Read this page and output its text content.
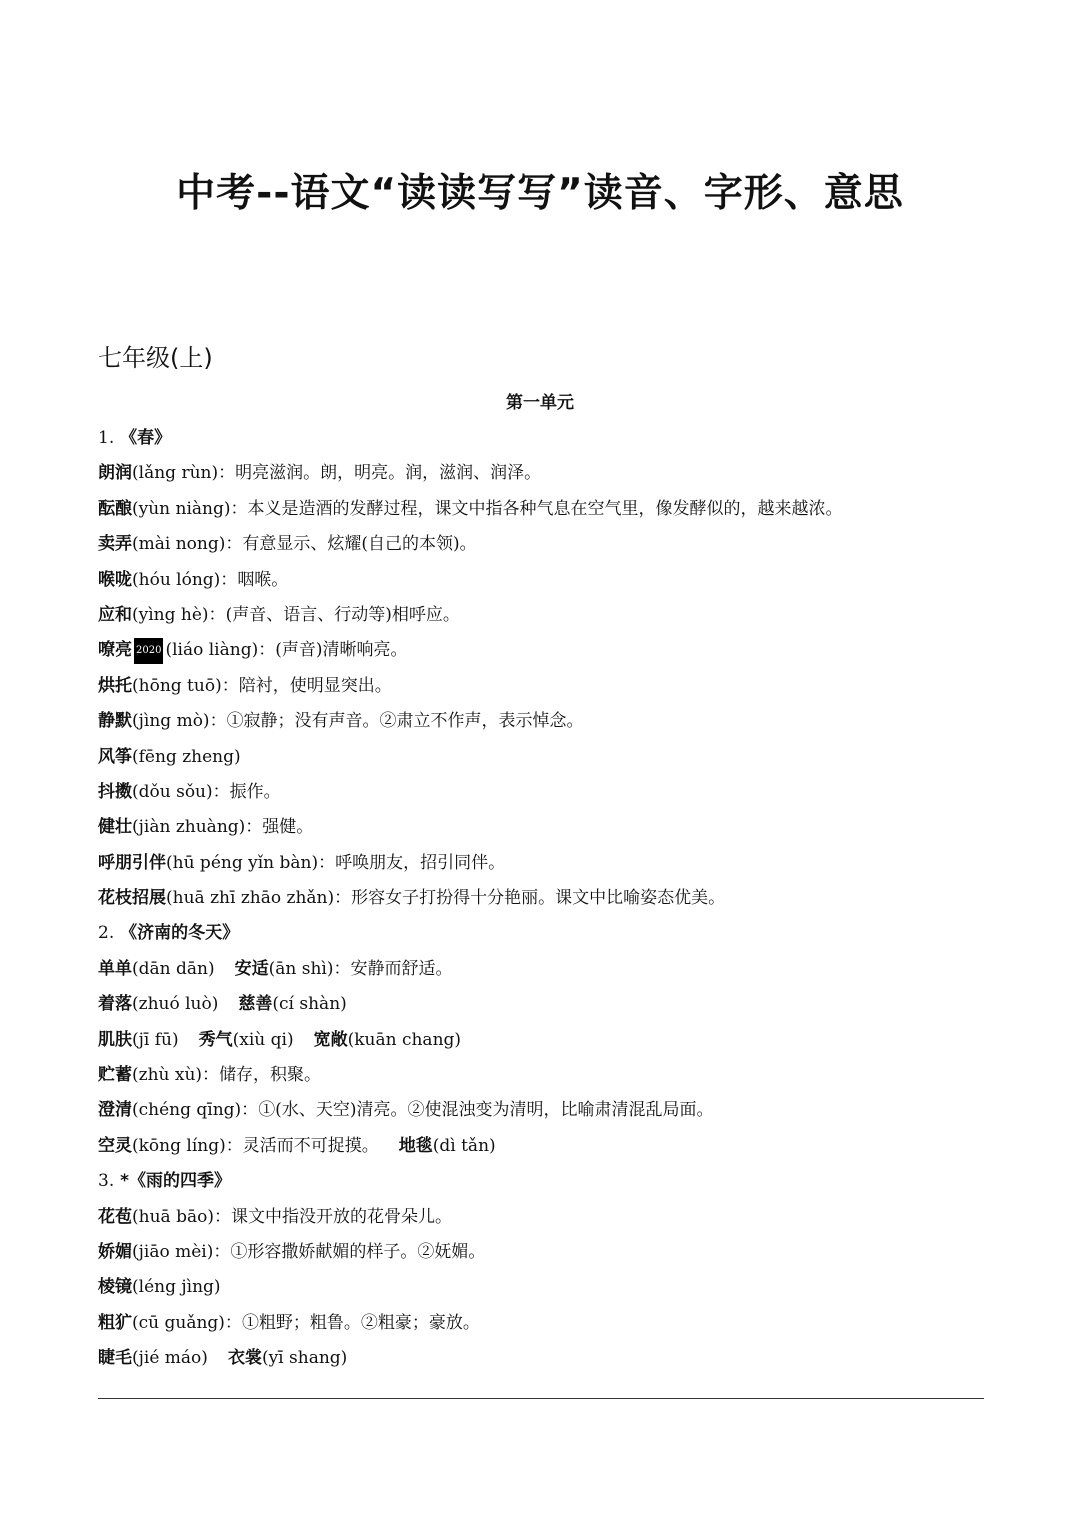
中考--语文“读读写写”读音、字形、意思
七年级(上)
第一单元
1. 《春》
朗润(lǎng rùn)：明亮滋润。朗，明亮。润，滋润、润泽。
酝酿(yùn niàng)：本义是造酒的发酵过程，课文中指各种气息在空气里，像发酵似的，越来越浓。
卖弄(mài nong)：有意显示、炫耀(自己的本领)。
喉咙(hóu lóng)：咽喉。
应和(yìng hè)：(声音、语言、行动等)相呼应。
嘹亮 2020 (liáo liàng)：(声音)清晰响亮。
烘托(hōng tuō)：陪衬，使明显突出。
静默(jìng mò)：①寂静；没有声音。②肃立不作声，表示悼念。
风筝(fēng zheng)
抖擞(dǒu sǒu)：振作。
健壮(jiàn zhuàng)：强健。
呼朋引伴(hū péng yǐn bàn)：呼唤朋友，招引同伴。
花枝招展(huā zhī zhāo zhǎn)：形容女子打扮得十分艳丽。课文中比喻姿态优美。
2. 《济南的冬天》
单单(dān dān) 安适(ān shì)：安静而舒适。
着落(zhuó luò) 慈善(cí shàn)
肌肤(jī fū) 秀气(xiù qi) 宽敞(kuān chang)
贮蓄(zhù xù)：储存，积聚。
澄清(chéng qīng)：①(水、天空)清亮。②使混浊变为清明，比喻肃清混乱局面。
空灵(kōng líng)：灵活而不可捉摸。 地毯(dì tǎn)
3. *《雨的四季》
花苞(huā bāo)：课文中指没开放的花骨朵儿。
娇媚(jiāo mèi)：①形容撒娇献媚的样子。②妩媚。
棱镜(léng jìng)
粗犷(cū guǎng)：①粗野；粗鲁。②粗豪；豪放。
睫毛(jié máo) 衣裳(yī shang)
